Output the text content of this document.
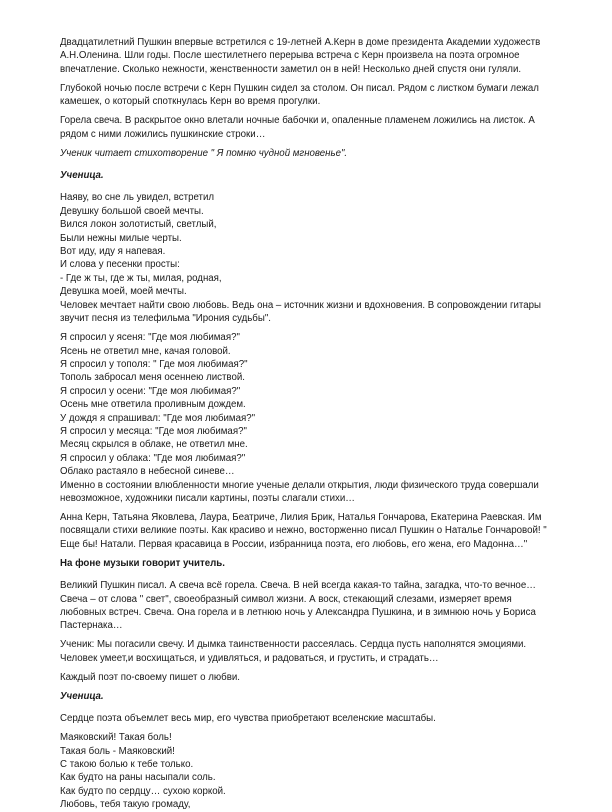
Двадцатилетний Пушкин впервые встретился с 19-летней А.Керн в доме президента Академии художеств А.Н.Оленина. Шли годы. После шестилетнего перерыва встреча с Керн произвела на поэта огромное впечатление. Сколько нежности, женственности заметил он в ней! Несколько дней спустя они гуляли.

Глубокой ночью после встречи с Керн Пушкин сидел за столом. Он писал. Рядом с листком бумаги лежал камешек, о который споткнулась Керн во время прогулки.

Горела свеча. В раскрытое окно влетали ночные бабочки и, опаленные пламенем ложились на листок. А рядом с ними ложились пушкинские строки…

Ученик читает стихотворение " Я помню чудной мгновенье".

Ученица.

Наяву, во сне ль увидел, встретил
Девушку большой своей мечты.
Вился локон золотистый, светлый,
Были нежны милые черты.
Вот иду, иду я напевая.
И слова у песенки просты:
- Где ж ты, где ж ты, милая, родная,
Девушка моей, моей мечты.

Человек мечтает найти свою любовь. Ведь она – источник жизни и вдохновения. В сопровождении гитары звучит песня из телефильма "Ирония судьбы".

Я спросил у ясеня: "Где моя любимая?"
Ясень не ответил мне, качая головой.
Я спросил у тополя: " Где моя любимая?"
Тополь забросал меня осеннею листвой.
Я спросил у осени: "Где моя любимая?"
Осень мне ответила проливным дождем.
У дождя я спрашивал: "Где моя любимая?"
Я спросил у месяца: "Где моя любимая?"
Месяц скрылся в облаке, не ответил мне.
Я спросил у облака: "Где моя любимая?"
Облако растаяло в небесной синеве…

Именно в состоянии влюбленности многие ученые делали открытия, люди физического труда совершали невозможное, художники писали картины, поэты слагали стихи…

Анна Керн, Татьяна Яковлева, Лаура, Беатриче, Лилия Брик, Наталья Гончарова, Екатерина Раевская. Им посвящали стихи великие поэты. Как красиво и нежно, восторженно писал Пушкин о Наталье Гончаровой! " Еще бы! Натали. Первая красавица в России, избранница поэта, его любовь, его жена, его Мадонна…"

На фоне музыки говорит учитель.

Великий Пушкин писал. А свеча всё горела. Свеча. В ней всегда какая-то тайна, загадка, что-то вечное… Свеча – от слова " свет", своеобразный символ жизни. А воск, стекающий слезами, измеряет время любовных встреч. Свеча. Она горела и в летнюю ночь у Александра Пушкина, и в зимнюю ночь у Бориса Пастернака…

Ученик: Мы погасили свечу. И дымка таинственности рассеялась. Сердца пусть наполнятся эмоциями. Человек умеет,и восхищаться, и удивляться, и радоваться, и грустить, и страдать…

Каждый поэт по-своему пишет о любви.

Ученица.

Сердце поэта объемлет весь мир, его чувства приобретают вселенские масштабы.

Маяковский! Такая боль!
Такая боль - Маяковский!
С такою болью к тебе только.
Как будто на раны насыпали соль.
Как будто по сердцу… сухою коркой.
Любовь, тебя такую громаду,
